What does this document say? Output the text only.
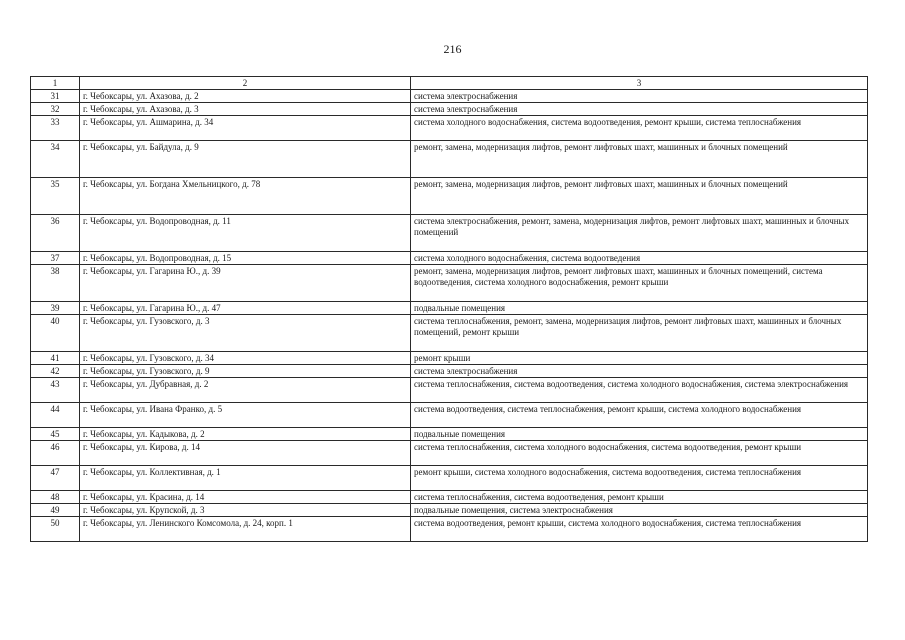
216
1	2	3
31	г. Чебоксары, ул. Ахазова, д. 2	система электроснабжения
32	г. Чебоксары, ул. Ахазова, д. 3	система электроснабжения
33	г. Чебоксары, ул. Ашмарина, д. 34	система холодного водоснабжения, система водоотведения, ремонт крыши, система теплоснабжения
34	г. Чебоксары, ул. Байдула, д. 9	ремонт, замена, модернизация лифтов, ремонт лифтовых шахт, машинных и блочных помещений
35	г. Чебоксары, ул. Богдана Хмельницкого, д. 78	ремонт, замена, модернизация лифтов, ремонт лифтовых шахт, машинных и блочных помещений
36	г. Чебоксары, ул. Водопроводная, д. 11	система электроснабжения, ремонт, замена, модернизация лифтов, ремонт лифтовых шахт, машинных и блочных помещений
37	г. Чебоксары, ул. Водопроводная, д. 15	система холодного водоснабжения, система водоотведения
38	г. Чебоксары, ул. Гагарина Ю., д. 39	ремонт, замена, модернизация лифтов, ремонт лифтовых шахт, машинных и блочных помещений, система водоотведения, система холодного водоснабжения, ремонт крыши
39	г. Чебоксары, ул. Гагарина Ю., д. 47	подвальные помещения
40	г. Чебоксары, ул. Гузовского, д. 3	система теплоснабжения, ремонт, замена, модернизация лифтов, ремонт лифтовых шахт, машинных и блочных помещений, ремонт крыши
41	г. Чебоксары, ул. Гузовского, д. 34	ремонт крыши
42	г. Чебоксары, ул. Гузовского, д. 9	система электроснабжения
43	г. Чебоксары, ул. Дубравная, д. 2	система теплоснабжения, система водоотведения, система холодного водоснабжения, система электроснабжения
44	г. Чебоксары, ул. Ивана Франко, д. 5	система водоотведения, система теплоснабжения, ремонт крыши, система холодного водоснабжения
45	г. Чебоксары, ул. Кадыкова, д. 2	подвальные помещения
46	г. Чебоксары, ул. Кирова, д. 14	система теплоснабжения, система холодного водоснабжения, система водоотведения, ремонт крыши
47	г. Чебоксары, ул. Коллективная, д. 1	ремонт крыши, система холодного водоснабжения, система водоотведения, система теплоснабжения
48	г. Чебоксары, ул. Красина, д. 14	система теплоснабжения, система водоотведения, ремонт крыши
49	г. Чебоксары, ул. Крупской, д. 3	подвальные помещения, система электроснабжения
50	г. Чебоксары, ул. Ленинского Комсомола, д. 24, корп. 1	система водоотведения, ремонт крыши, система холодного водоснабжения, система теплоснабжения
